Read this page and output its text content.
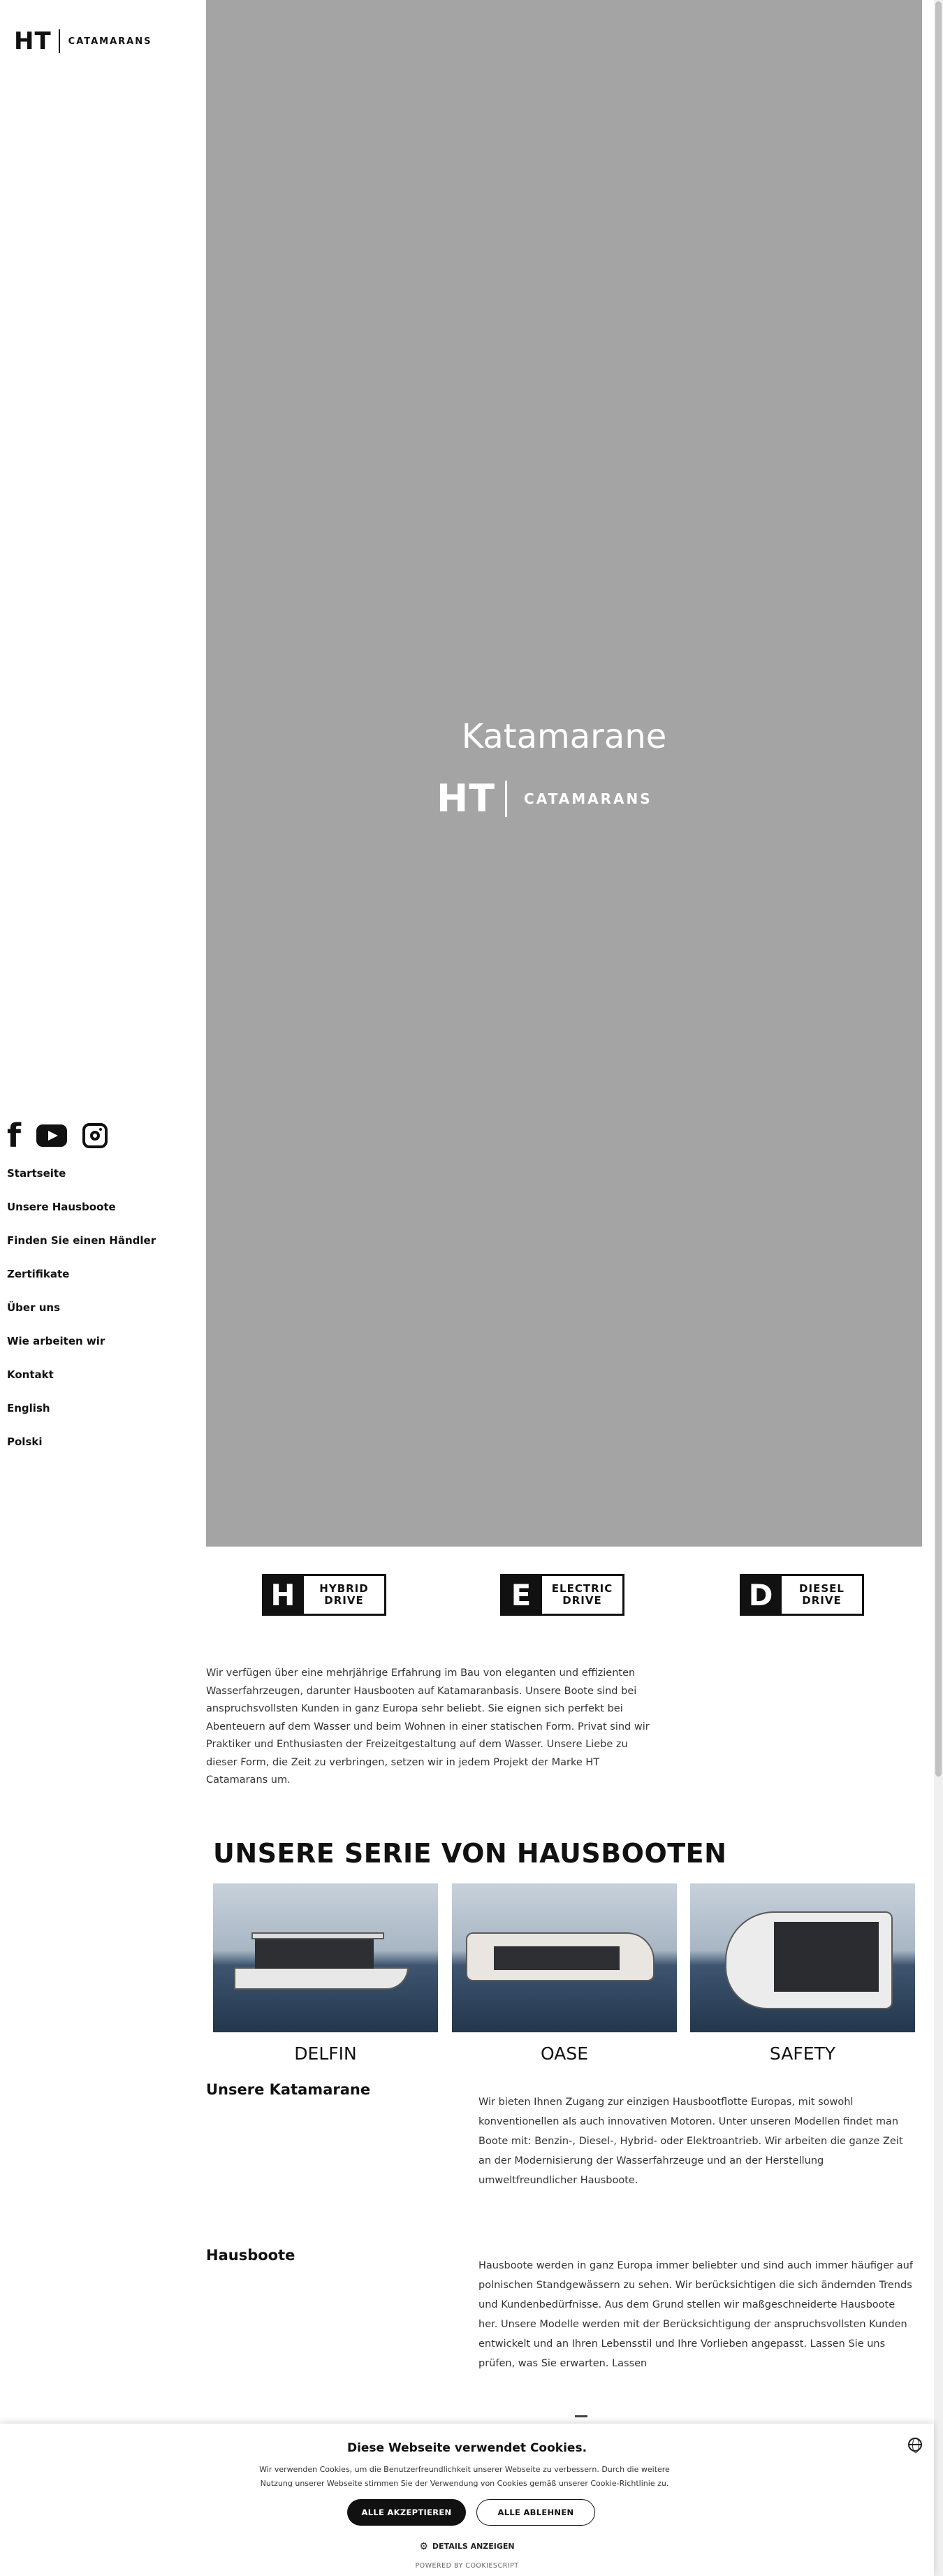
HT CATAMARANS
Katamarane
HT CATAMARANS
f
Startseite
Unsere Hausboote
Finden Sie einen Händler
Zertifikate
Über uns
Wie arbeiten wir
Kontakt
English
Polski
H	HYBRID
DRIVE	E	ELECTRIC
DRIVE	D	DIESEL
DRIVE

Wir verfügen über eine mehrjährige Erfahrung im Bau von eleganten und effizienten Wasserfahrzeugen, darunter Hausbooten auf Katamaranbasis. Unsere Boote sind bei anspruchsvollsten Kunden in ganz Europa sehr beliebt. Sie eignen sich perfekt bei Abenteuern auf dem Wasser und beim Wohnen in einer statischen Form. Privat sind wir Praktiker und Enthusiasten der Freizeitgestaltung auf dem Wasser. Unsere Liebe zu dieser Form, die Zeit zu verbringen, setzen wir in jedem Projekt der Marke HT Catamarans um.

UNSERE SERIE VON HAUSBOOTEN
DELFIN	OASE	SAFETY
Unsere Katamarane

Wir bieten Ihnen Zugang zur einzigen Hausbootflotte Europas, mit sowohl konventionellen als auch innovativen Motoren. Unter unseren Modellen findet man Boote mit: Benzin-, Diesel-, Hybrid- oder Elektroantrieb. Wir arbeiten die ganze Zeit an der Modernisierung der Wasserfahrzeuge und an der Herstellung umweltfreundlicher Hausboote.

Hausboote

Hausboote werden in ganz Europa immer beliebter und sind auch immer häufiger auf polnischen Standgewässern zu sehen. Wir berücksichtigen die sich ändernden Trends und Kundenbedürfnisse. Aus dem Grund stellen wir maßgeschneiderte Hausboote her. Unsere Modelle werden mit der Berücksichtigung der anspruchsvollsten Kunden entwickelt und an Ihren Lebensstil und Ihre Vorlieben angepasst. Lassen Sie uns prüfen, was Sie erwarten. Lassen

Diese Webseite verwendet Cookies.
Wir verwenden Cookies, um die Benutzerfreundlichkeit unserer Webseite zu verbessern. Durch die weitere Nutzung unserer Webseite stimmen Sie der Verwendung von Cookies gemäß unserer Cookie-Richtlinie zu.
ALLE AKZEPTIEREN	ALLE ABLEHNEN
⚙ DETAILS ANZEIGEN
POWERED BY COOKIESCRIPT
